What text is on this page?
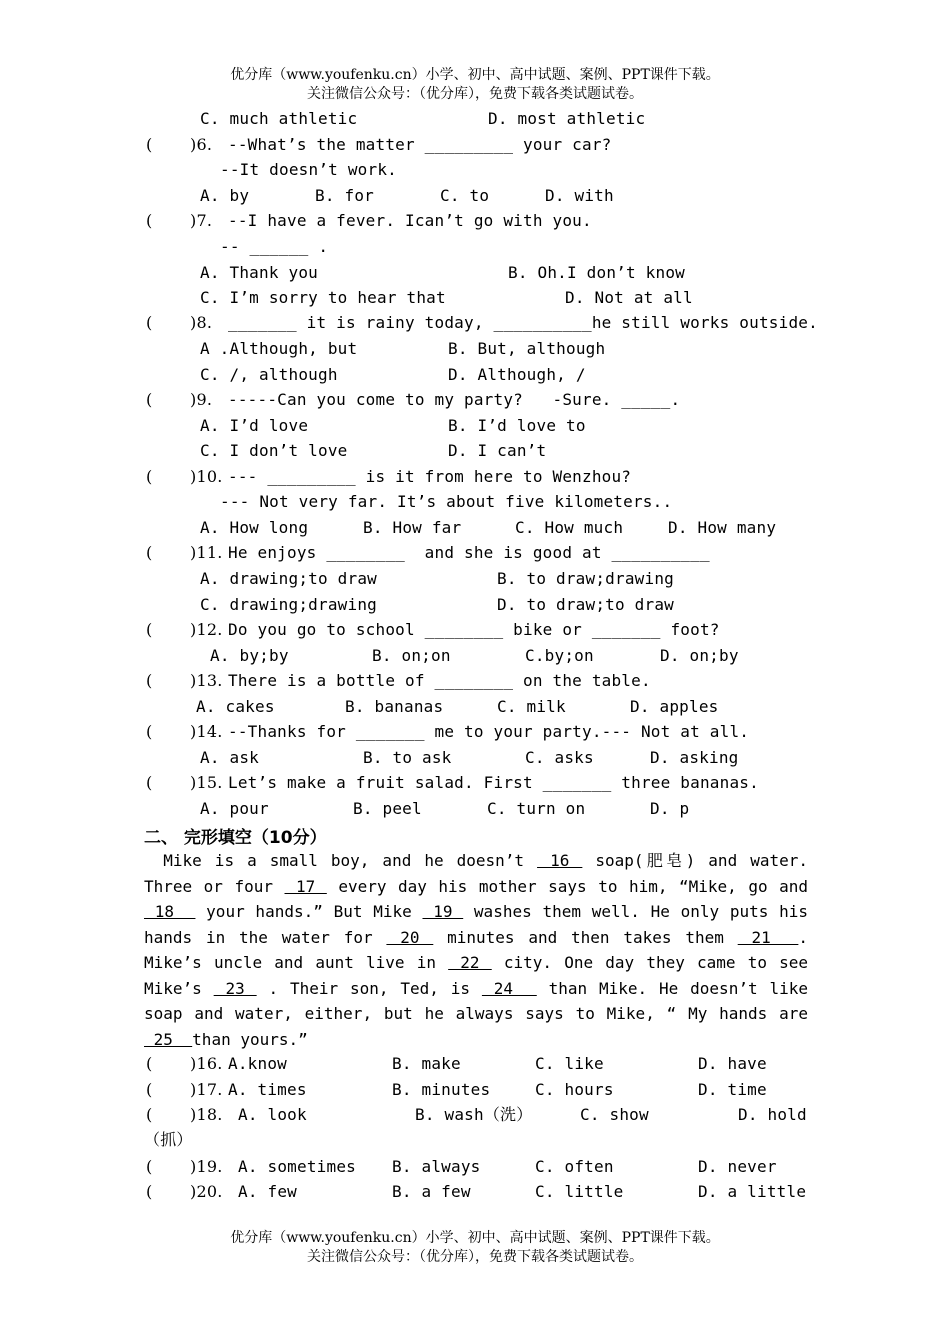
优分库（www.youfenku.cn）小学、初中、高中试题、案例、PPT课件下载。
关注微信公众号：（优分库），免费下载各类试题试卷。
C. much athletic	D. most athletic
( )6. --What’s the matter _________ your car?
--It doesn’t work.
A. by	B. for	C. to	D. with
( )7. --I have a fever. Ican’t go with you.
-- ______ .
A. Thank you	B. Oh.I don’t know
C. I’m sorry to hear that	D. Not at all
( )8. _______ it is rainy today, __________he still works outside.
A .Although, but	B. But, although
C. /, although	D. Although, /
( )9. -----Can you come to my party?   -Sure. _____.
A. I’d love	B. I’d love to
C. I don’t love	D. I can’t
( )10. --- _________ is it from here to Wenzhou?
--- Not very far. It’s about five kilometers..
A. How long	B. How far	C. How much	D. How many
( )11. He enjoys ________  and she is good at __________
A. drawing;to draw	B. to draw;drawing
C. drawing;drawing	D. to draw;to draw
( )12. Do you go to school ________ bike or _______ foot?
A. by;by	B. on;on	C.by;on	D. on;by
( )13. There is a bottle of ________ on the table.
A. cakes	B. bananas	C. milk	D. apples
( )14. --Thanks for _______ me to your party.--- Not at all.
A. ask	B. to ask	C. asks	D. asking
( )15. Let’s make a fruit salad. First _______ three bananas.
A. pour	B. peel	C. turn on	D. p
二、 完形填空（10分）
  Mike is a small boy, and he doesn’t  16  soap(肥皂) and water. Three or four  17  every day his mother says to him, “Mike, go and  18   your hands.” But Mike  19  washes them well. He only puts his hands in the water for  20  minutes and then takes them  21  . Mike’s uncle and aunt live in  22  city. One day they came to see Mike’s  23  . Their son, Ted, is  24   than Mike. He doesn’t like soap and water, either, but he always says to Mike, “ My hands are  25  than yours.”
( )16. A.know	B. make	C. like	D. have
( )17. A. times	B. minutes	C. hours	D. time
( )18. A. look	B. wash（洗）	C. show	D. hold
（抓）
( )19. A. sometimes B. always	C. often	D. never
( )20. A. few	B. a few	C. little	D. a little
优分库（www.youfenku.cn）小学、初中、高中试题、案例、PPT课件下载。
关注微信公众号：（优分库），免费下载各类试题试卷。
